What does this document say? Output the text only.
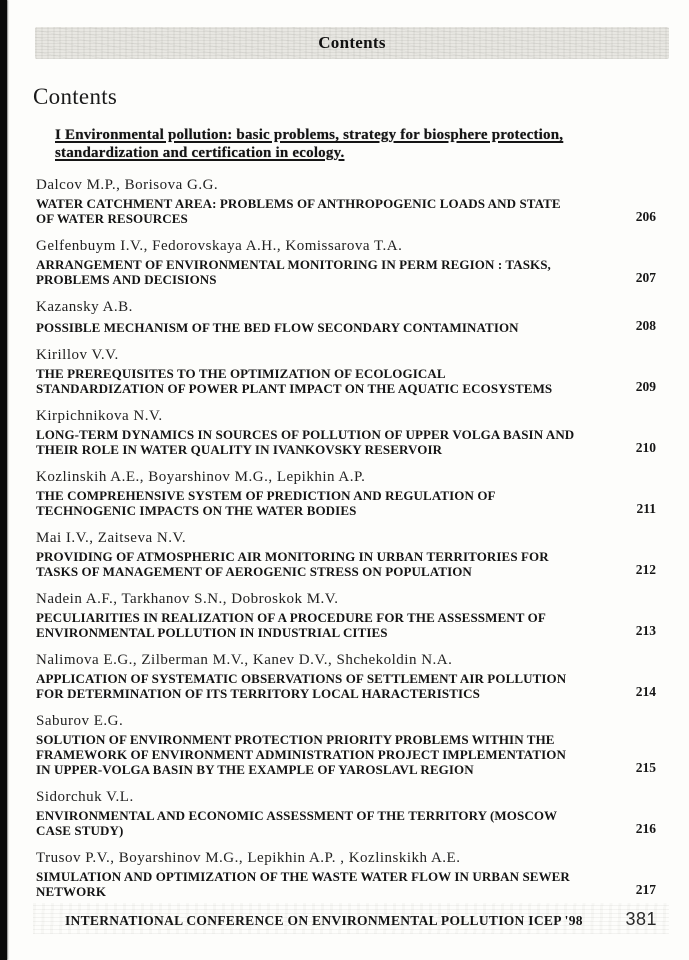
Contents
Contents
I Environmental pollution: basic problems, strategy for biosphere protection, standardization and certification in ecology.
Dalcov M.P., Borisova G.G.
WATER CATCHMENT AREA: PROBLEMS OF ANTHROPOGENIC LOADS AND STATE OF WATER RESOURCES	206
Gelfenbuym I.V., Fedorovskaya A.H., Komissarova T.A.
ARRANGEMENT OF ENVIRONMENTAL MONITORING IN PERM REGION : TASKS, PROBLEMS AND DECISIONS	207
Kazansky A.B.
POSSIBLE MECHANISM OF THE BED FLOW SECONDARY CONTAMINATION	208
Kirillov V.V.
THE PREREQUISITES TO THE OPTIMIZATION OF ECOLOGICAL STANDARDIZATION OF POWER PLANT IMPACT ON THE AQUATIC ECOSYSTEMS	209
Kirpichnikova N.V.
LONG-TERM DYNAMICS IN SOURCES OF POLLUTION OF UPPER VOLGA BASIN AND THEIR ROLE IN WATER QUALITY IN IVANKOVSKY RESERVOIR	210
Kozlinskih A.E., Boyarshinov M.G., Lepikhin A.P.
THE COMPREHENSIVE SYSTEM OF PREDICTION AND REGULATION OF TECHNOGENIC IMPACTS ON THE WATER BODIES	211
Mai I.V., Zaitseva N.V.
PROVIDING OF ATMOSPHERIC AIR MONITORING IN URBAN TERRITORIES FOR TASKS OF MANAGEMENT OF AEROGENIC STRESS ON POPULATION	212
Nadein A.F., Tarkhanov S.N., Dobroskok M.V.
PECULIARITIES IN REALIZATION OF A PROCEDURE FOR THE ASSESSMENT OF ENVIRONMENTAL POLLUTION IN INDUSTRIAL CITIES	213
Nalimova E.G., Zilberman M.V., Kanev D.V., Shchekoldin N.A.
APPLICATION OF SYSTEMATIC OBSERVATIONS OF SETTLEMENT AIR POLLUTION FOR DETERMINATION OF ITS TERRITORY LOCAL HARACTERISTICS	214
Saburov E.G.
SOLUTION OF ENVIRONMENT PROTECTION PRIORITY PROBLEMS WITHIN THE FRAMEWORK OF ENVIRONMENT ADMINISTRATION PROJECT IMPLEMENTATION IN UPPER-VOLGA BASIN BY THE EXAMPLE OF YAROSLAVL REGION	215
Sidorchuk V.L.
ENVIRONMENTAL AND ECONOMIC ASSESSMENT OF THE TERRITORY (MOSCOW CASE STUDY)	216
Trusov P.V., Boyarshinov M.G., Lepikhin A.P. , Kozlinskikh A.E.
SIMULATION AND OPTIMIZATION OF THE WASTE WATER FLOW IN URBAN SEWER NETWORK	217
INTERNATIONAL CONFERENCE ON ENVIRONMENTAL POLLUTION ICEP '98 381
